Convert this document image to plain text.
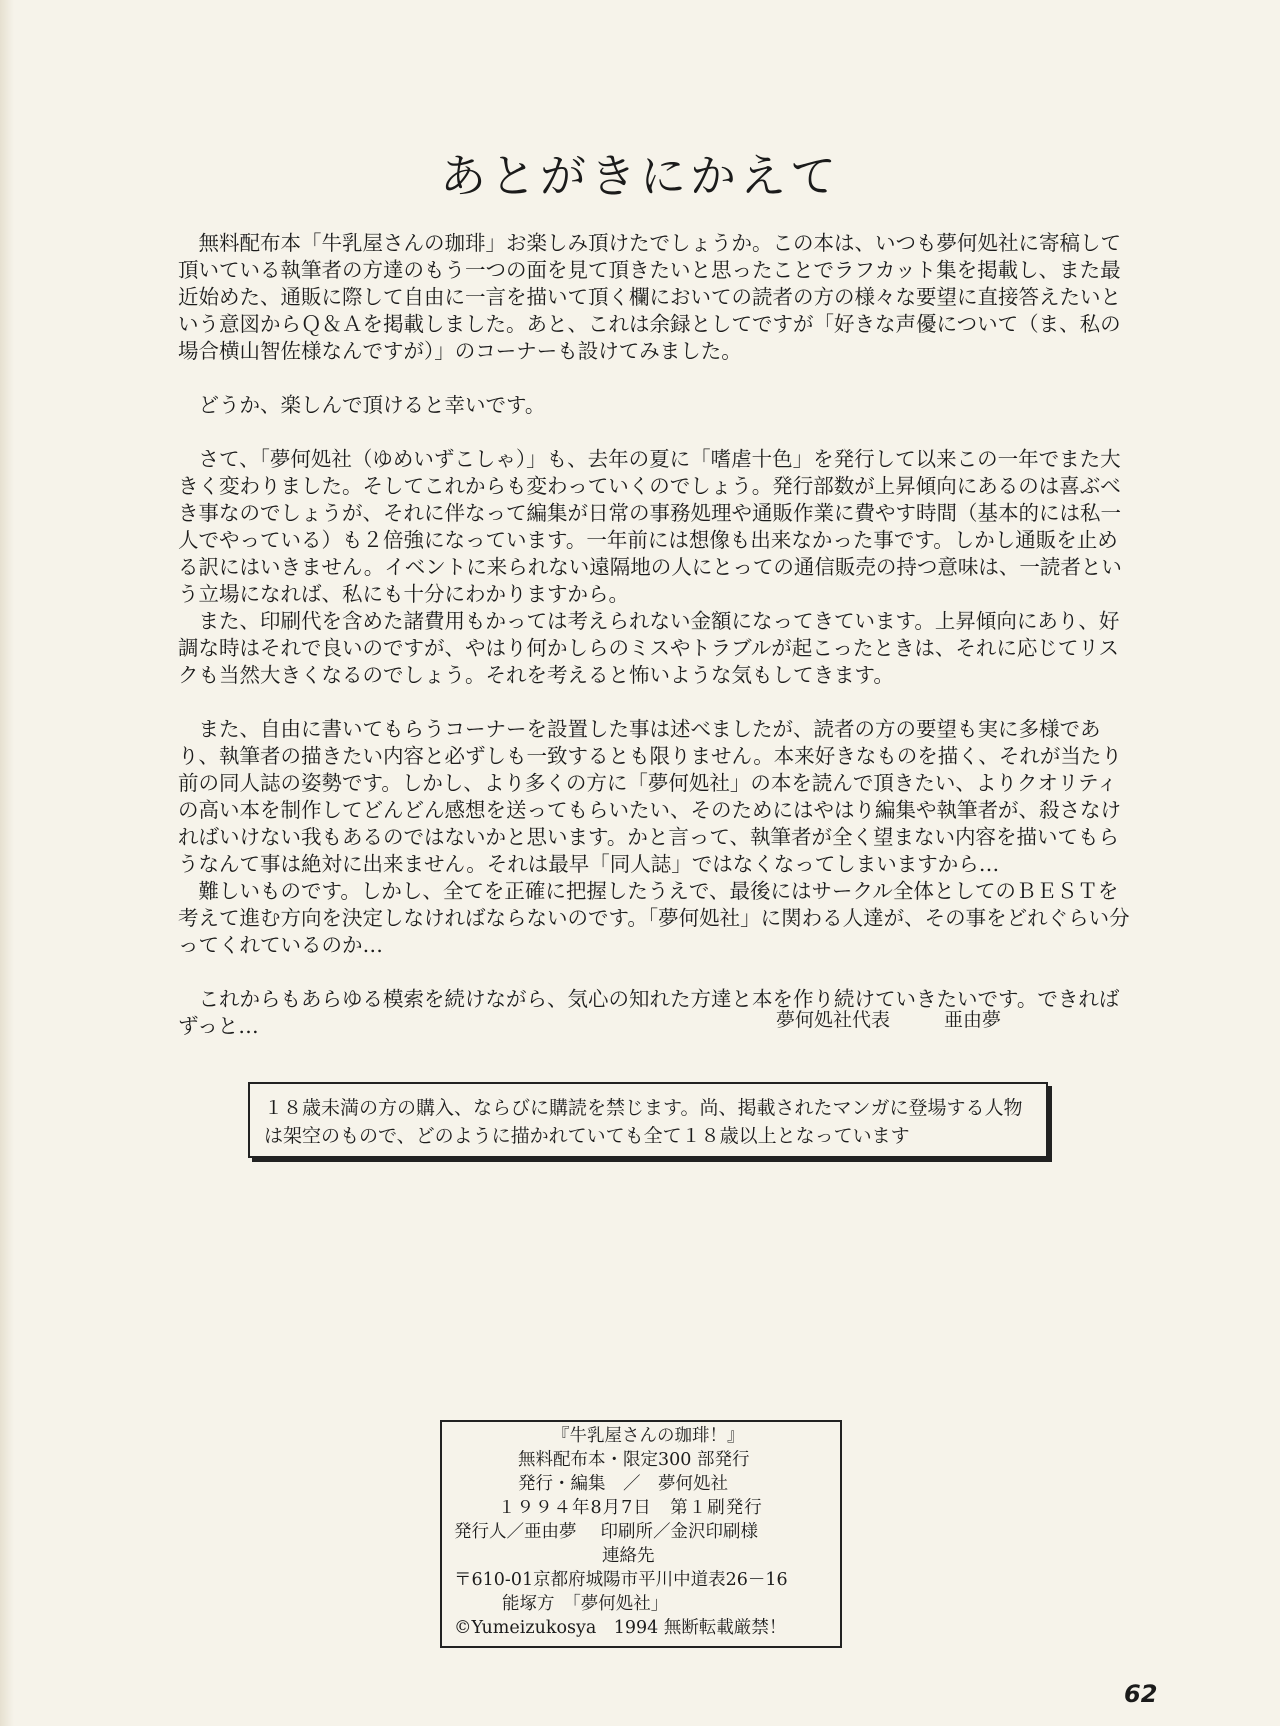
あとがきにかえて

無料配布本「牛乳屋さんの珈琲」お楽しみ頂けたでしょうか。この本は、いつも夢何処社に寄稿して頂いている執筆者の方達のもう一つの面を見て頂きたいと思ったことでラフカット集を掲載し、また最近始めた、通販に際して自由に一言を描いて頂く欄においての読者の方の様々な要望に直接答えたいという意図からＱ＆Ａを掲載しました。あと、これは余録としてですが「好きな声優について（ま、私の場合横山智佐様なんですが）」のコーナーも設けてみました。

どうか、楽しんで頂けると幸いです。

さて、「夢何処社（ゆめいずこしゃ）」も、去年の夏に「嗜虐十色」を発行して以来この一年でまた大きく変わりました。そしてこれからも変わっていくのでしょう。発行部数が上昇傾向にあるのは喜ぶべき事なのでしょうが、それに伴なって編集が日常の事務処理や通販作業に費やす時間（基本的には私一人でやっている）も２倍強になっています。一年前には想像も出来なかった事です。しかし通販を止める訳にはいきません。イベントに来られない遠隔地の人にとっての通信販売の持つ意味は、一読者という立場になれば、私にも十分にわかりますから。

また、印刷代を含めた諸費用もかっては考えられない金額になってきています。上昇傾向にあり、好調な時はそれで良いのですが、やはり何かしらのミスやトラブルが起こったときは、それに応じてリスクも当然大きくなるのでしょう。それを考えると怖いような気もしてきます。

また、自由に書いてもらうコーナーを設置した事は述べましたが、読者の方の要望も実に多様であり、執筆者の描きたい内容と必ずしも一致するとも限りません。本来好きなものを描く、それが当たり前の同人誌の姿勢です。しかし、より多くの方に「夢何処社」の本を読んで頂きたい、よりクオリティの高い本を制作してどんどん感想を送ってもらいたい、そのためにはやはり編集や執筆者が、殺さなければいけない我もあるのではないかと思います。かと言って、執筆者が全く望まない内容を描いてもらうなんて事は絶対に出来ません。それは最早「同人誌」ではなくなってしまいますから…

難しいものです。しかし、全てを正確に把握したうえで、最後にはサークル全体としてのＢＥＳＴを考えて進む方向を決定しなければならないのです。「夢何処社」に関わる人達が、その事をどれぐらい分ってくれているのか…

これからもあらゆる模索を続けながら、気心の知れた方達と本を作り続けていきたいです。できればずっと…	夢何処社代表	亜由夢
１８歳未満の方の購入、ならびに購読を禁じます。尚、掲載されたマンガに登場する人物は架空のもので、どのように描かれていても全て１８歳以上となっています
『牛乳屋さんの珈琲！』
無料配布本・限定300 部発行
発行・編集　／　夢何処社
１９９４年8月7日　第１刷発行
発行人／亜由夢 印刷所／金沢印刷様
連絡先
〒610-01京都府城陽市平川中道表26－16
能塚方　「夢何処社」
©Yumeizukosya　1994 無断転載厳禁！
62
